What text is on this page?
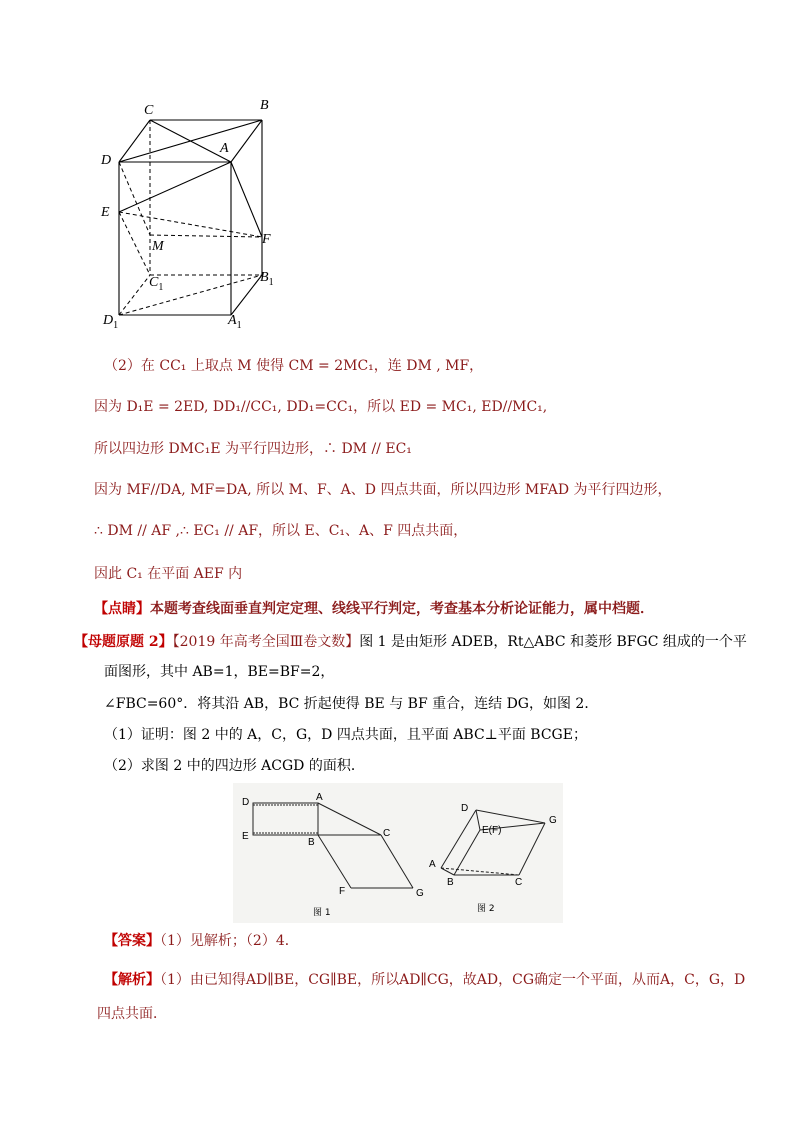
C	B
D
A
E
M	F
$C_1$
$B_1$
$D_1$	$A_1$
（2）在 CC₁ 上取点 M 使得 CM = 2MC₁，连 DM , MF，
因为 D₁E = 2ED, DD₁//CC₁, DD₁=CC₁，所以 ED = MC₁, ED//MC₁,
所以四边形 DMC₁E 为平行四边形，∴ DM // EC₁
因为 MF//DA, MF=DA, 所以 M、F、A、D 四点共面，所以四边形 MFAD 为平行四边形，
∴ DM // AF ,∴ EC₁ // AF，所以 E、C₁、A、F 四点共面，
因此 C₁ 在平面 AEF 内
【点睛】本题考查线面垂直判定定理、线线平行判定，考查基本分析论证能力，属中档题．
【母题原题 2】【2019 年高考全国Ⅲ卷文数】图 1 是由矩形 ADEB，Rt△ABC 和菱形 BFGC 组成的一个平
面图形，其中 AB=1，BE=BF=2，
∠FBC=60°．将其沿 AB，BC 折起使得 BE 与 BF 重合，连结 DG，如图 2．
（1）证明：图 2 中的 A，C，G，D 四点共面，且平面 ABC⊥平面 BCGE；
（2）求图 2 中的四边形 ACGD 的面积．
D	A
E
B
C
F	G
D
G
E(F)
A
B	C
图 1	图 2
【答案】（1）见解析；（2）4．
【解析】（1）由已知得AD∥BE，CG∥BE，所以AD∥CG，故AD，CG确定一个平面，从而A，C，G，D
四点共面．
